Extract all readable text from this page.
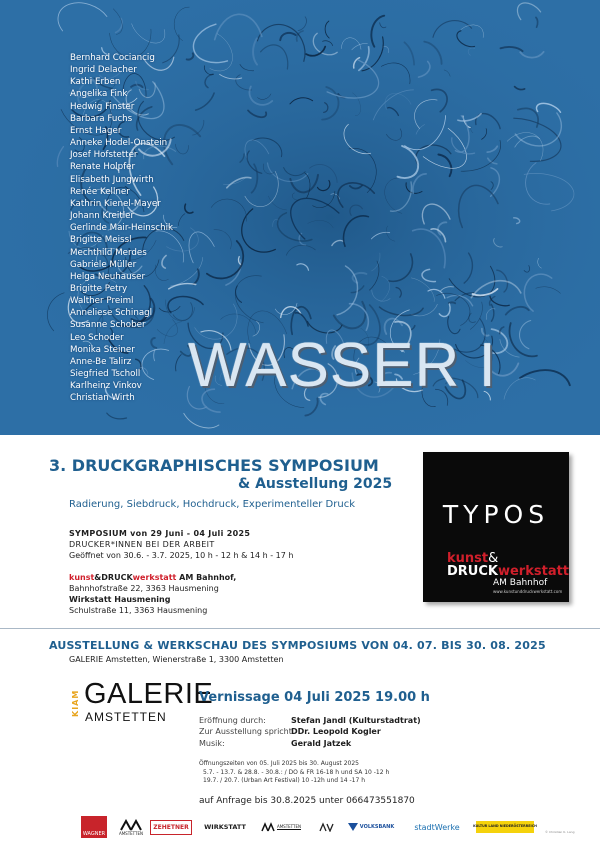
Bernhard Cociancig
Ingrid Delacher
Kathi Erben
Angelika Fink
Hedwig Finster
Barbara Fuchs
Ernst Hager
Anneke Hodel-Onstein
Josef Hofstetter
Renate Holpfer
Elisabeth Jungwirth
Renée Kellner
Kathrin Kienel-Mayer
Johann Kreitler
Gerlinde Mair-Heinschik
Brigitte Meissl
Mechthild Merdes
Gabriele Müller
Helga Neuhauser
Brigitte Petry
Walther Preiml
Anneliese Schinagl
Susanne Schober
Leo Schoder
Monika Steiner
Anne-Be Talirz
Siegfried Tscholl
Karlheinz Vinkov
Christian Wirth WASSER I
3. DRUCKGRAPHISCHES SYMPOSIUM
& Ausstellung 2025
Radierung, Siebdruck, Hochdruck, Experimenteller Druck	TYPOS
kunst&
DRUCKwerkstatt
AM Bahnhof
www.kunstunddruckwerkstatt.com
SYMPOSIUM von 29 Juni - 04 Juli 2025
DRUCKER*INNEN BEI DER ARBEIT
Geöffnet von 30.6. - 3.7. 2025, 10 h - 12 h & 14 h - 17 h
kunst&DRUCKwerkstatt AM Bahnhof,
Bahnhofstraße 22, 3363 Hausmening
Wirkstatt Hausmening
Schulstraße 11, 3363 Hausmening
AUSSTELLUNG & WERKSCHAU DES SYMPOSIUMS VON 04. 07. BIS 30. 08. 2025
GALERIE Amstetten, Wienerstraße 1, 3300 Amstetten
KIAM GALERIE
AMSTETTEN
Vernissage 04 Juli 2025 19.00 h
Eröffnung durch:	Stefan Jandl (Kulturstadtrat)
Zur Ausstellung spricht DDr. Leopold Kogler
Musik:	Gerald Jatzek
Öffnungszeiten von 05. Juli 2025 bis 30. August 2025
5.7. - 13.7. & 28.8. - 30.8.: / DO & FR 16-18 h und SA 10 -12 h
19.7. / 20.7. (Urban Art Festival) 10 -12h und 14 -17 h
auf Anfrage bis 30.8.2025 unter 066473551870
WAGNER	AMSTETTEN
ZEHETNER	WIRKSTATT	AMSTETTEN	VOLKSBANK	stadtWerke	KULTUR LAND NIEDERÖSTERREICH
© Christian K. Lang
